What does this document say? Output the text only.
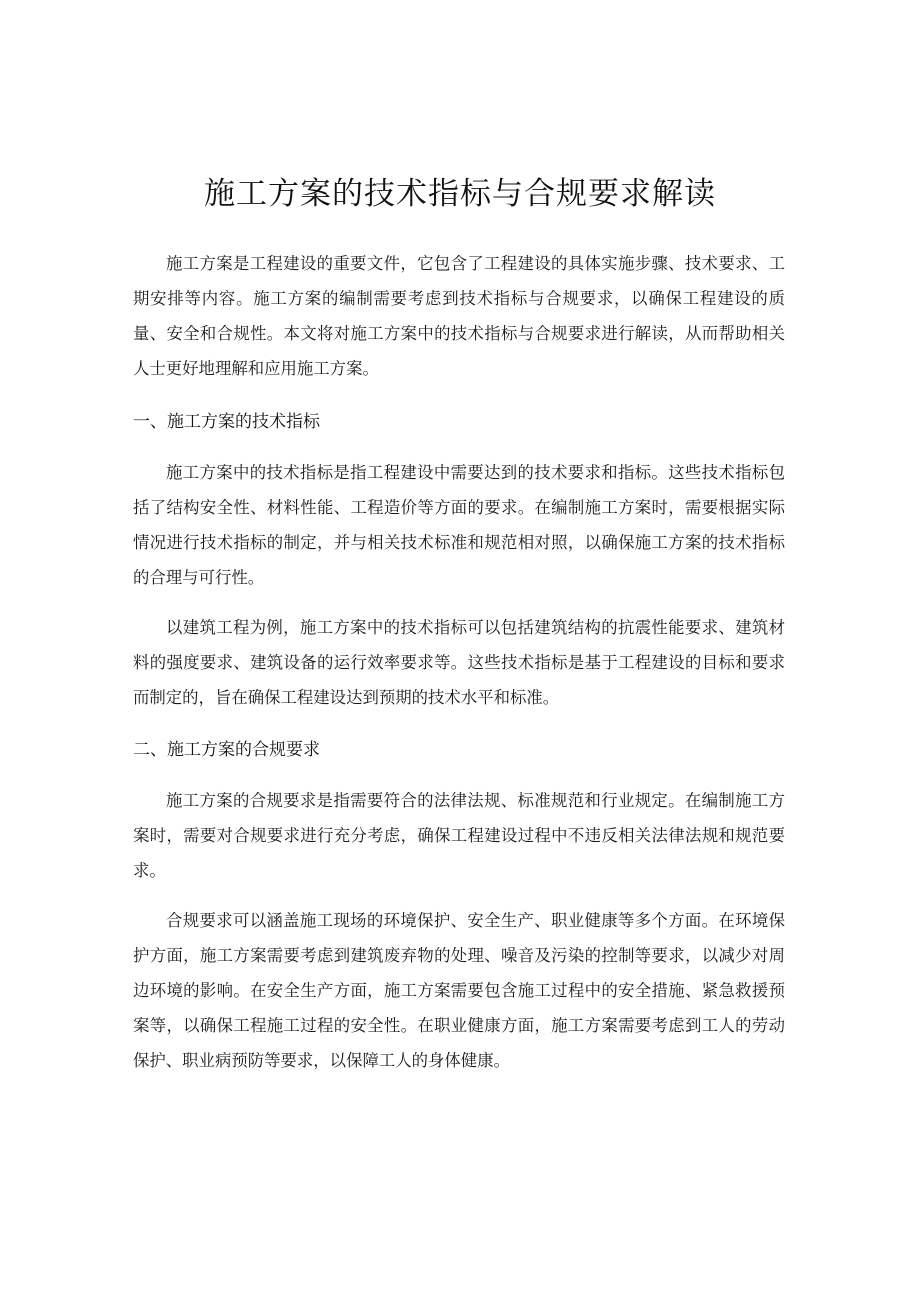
施工方案的技术指标与合规要求解读

施工方案是工程建设的重要文件，它包含了工程建设的具体实施步骤、技术要求、工期安排等内容。施工方案的编制需要考虑到技术指标与合规要求，以确保工程建设的质量、安全和合规性。本文将对施工方案中的技术指标与合规要求进行解读，从而帮助相关人士更好地理解和应用施工方案。

一、施工方案的技术指标

施工方案中的技术指标是指工程建设中需要达到的技术要求和指标。这些技术指标包括了结构安全性、材料性能、工程造价等方面的要求。在编制施工方案时，需要根据实际情况进行技术指标的制定，并与相关技术标准和规范相对照，以确保施工方案的技术指标的合理与可行性。

以建筑工程为例，施工方案中的技术指标可以包括建筑结构的抗震性能要求、建筑材料的强度要求、建筑设备的运行效率要求等。这些技术指标是基于工程建设的目标和要求而制定的，旨在确保工程建设达到预期的技术水平和标准。

二、施工方案的合规要求

施工方案的合规要求是指需要符合的法律法规、标准规范和行业规定。在编制施工方案时，需要对合规要求进行充分考虑，确保工程建设过程中不违反相关法律法规和规范要求。

合规要求可以涵盖施工现场的环境保护、安全生产、职业健康等多个方面。在环境保护方面，施工方案需要考虑到建筑废弃物的处理、噪音及污染的控制等要求，以减少对周边环境的影响。在安全生产方面，施工方案需要包含施工过程中的安全措施、紧急救援预案等，以确保工程施工过程的安全性。在职业健康方面，施工方案需要考虑到工人的劳动保护、职业病预防等要求，以保障工人的身体健康。
